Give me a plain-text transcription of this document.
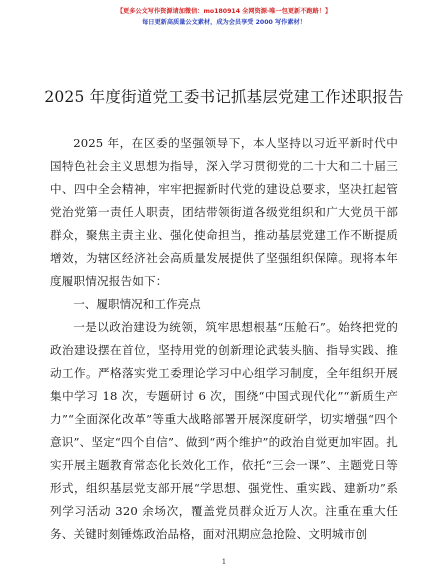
【更多公文写作资源请加微信：mo180914 全网资源·唯一包更新不跑路！】
每日更新高质量公文素材，成为会员享受 2000 写作素材！
2025 年度街道党工委书记抓基层党建工作述职报告

2025 年，在区委的坚强领导下，本人坚持以习近平新时代中国特色社会主义思想为指导，深入学习贯彻党的二十大和二十届三中、四中全会精神，牢牢把握新时代党的建设总要求，坚决扛起管党治党第一责任人职责，团结带领街道各级党组织和广大党员干部群众，聚焦主责主业、强化使命担当，推动基层党建工作不断提质增效，为辖区经济社会高质量发展提供了坚强组织保障。现将本年度履职情况报告如下：

一、履职情况和工作亮点

一是以政治建设为统领，筑牢思想根基“压舱石”。始终把党的政治建设摆在首位，坚持用党的创新理论武装头脑、指导实践、推动工作。严格落实党工委理论学习中心组学习制度，全年组织开展集中学习 18 次，专题研讨 6 次，围绕“中国式现代化”“新质生产力”“全面深化改革”等重大战略部署开展深度研学，切实增强“四个意识”、坚定“四个自信”、做到“两个维护”的政治自觉更加牢固。扎实开展主题教育常态化长效化工作，依托“三会一课”、主题党日等形式，组织基层党支部开展“学思想、强党性、重实践、建新功”系列学习活动 320 余场次，覆盖党员群众近万人次。注重在重大任务、关键时刻锤炼政治品格，面对汛期应急抢险、文明城市创

1
